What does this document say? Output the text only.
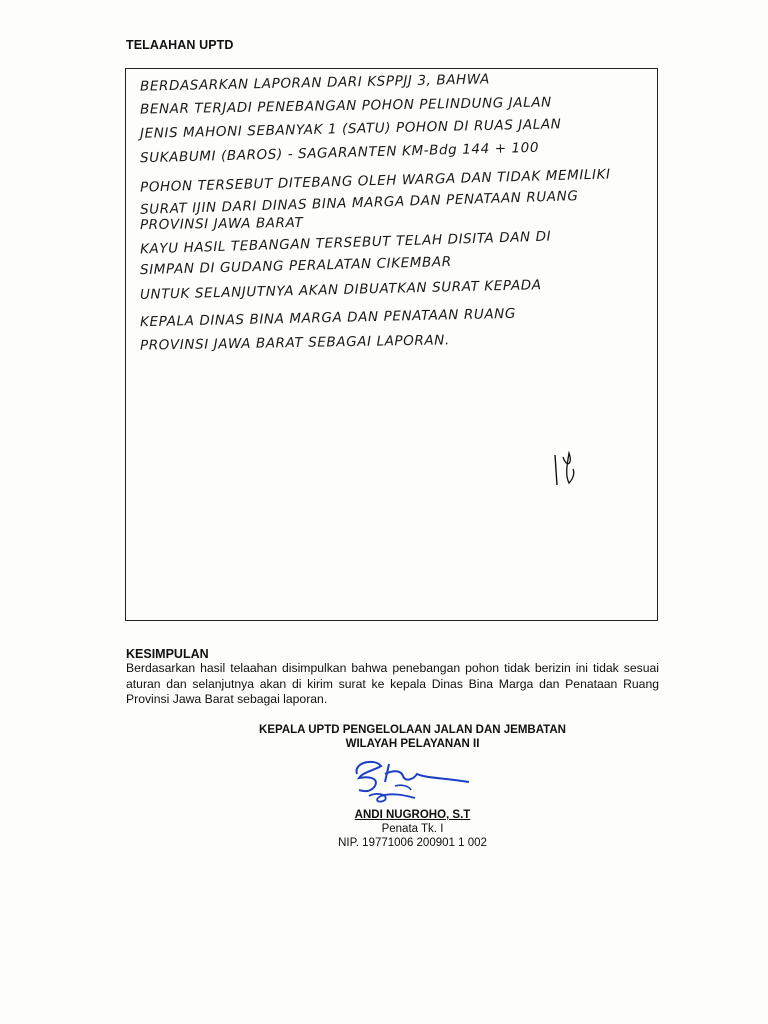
TELAAHAN UPTD
BERDASARKAN LAPORAN DARI KSPPJJ 3, BAHWA
BENAR TERJADI PENEBANGAN POHON PELINDUNG JALAN
JENIS MAHONI SEBANYAK 1 (SATU) POHON DI RUAS JALAN
SUKABUMI (BAROS) - SAGARANTEN KM-Bdg 144 + 100
POHON TERSEBUT DITEBANG OLEH WARGA DAN TIDAK MEMILIKI
SURAT IJIN DARI DINAS BINA MARGA DAN PENATAAN RUANG
PROVINSI JAWA BARAT
KAYU HASIL TEBANGAN TERSEBUT TELAH DISITA DAN DI
SIMPAN DI GUDANG PERALATAN CIKEMBAR
UNTUK SELANJUTNYA AKAN DIBUATKAN SURAT KEPADA
KEPALA DINAS BINA MARGA DAN PENATAAN RUANG
PROVINSI JAWA BARAT SEBAGAI LAPORAN.
KESIMPULAN
Berdasarkan hasil telaahan disimpulkan bahwa penebangan pohon tidak berizin ini tidak sesuai aturan dan selanjutnya akan di kirim surat ke kepala Dinas Bina Marga dan Penataan Ruang Provinsi Jawa Barat sebagai laporan.
KEPALA UPTD PENGELOLAAN JALAN DAN JEMBATAN
WILAYAH PELAYANAN II
ANDI NUGROHO, S.T
Penata Tk. I
NIP. 19771006 200901 1 002
